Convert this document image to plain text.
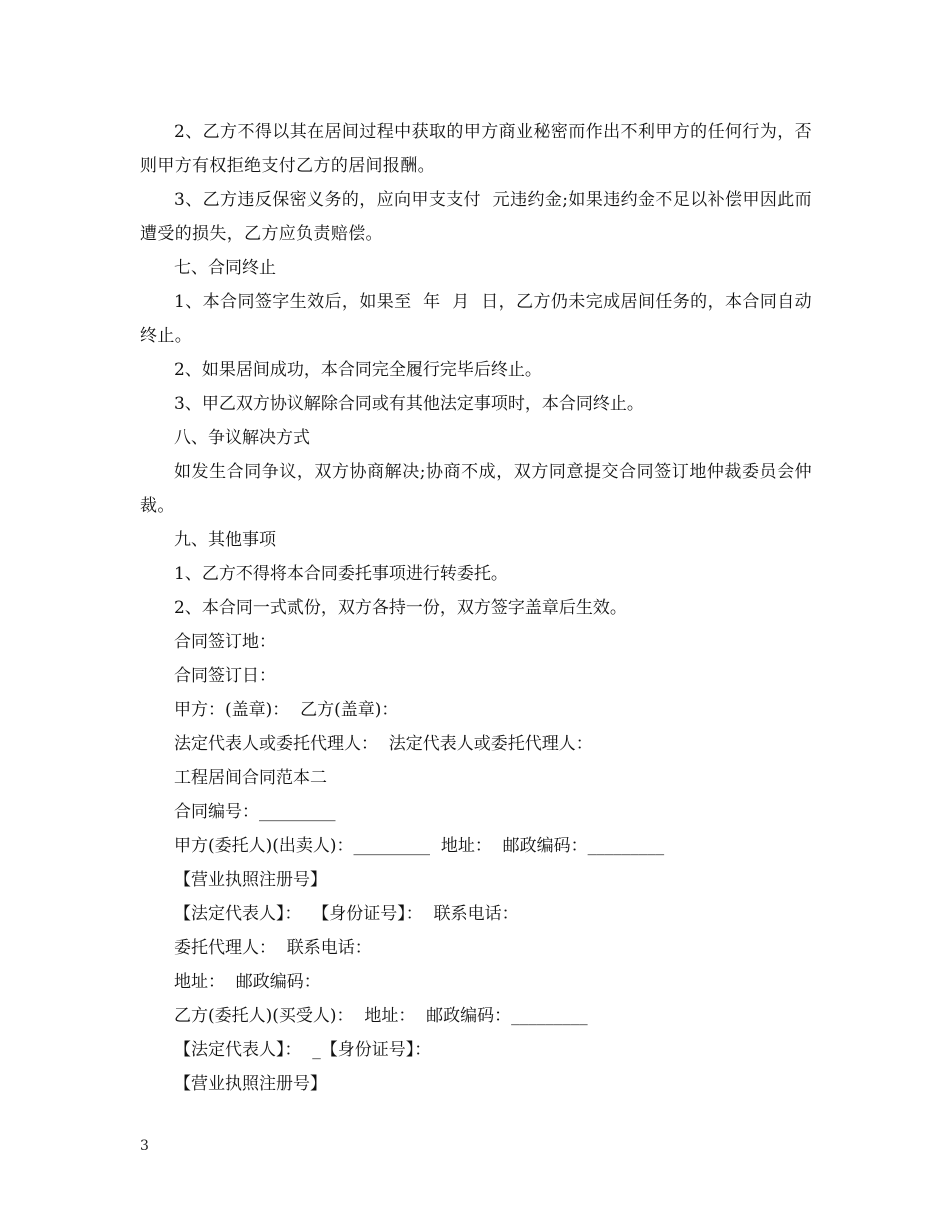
2、乙方不得以其在居间过程中获取的甲方商业秘密而作出不利甲方的任何行为，否则甲方有权拒绝支付乙方的居间报酬。

3、乙方违反保密义务的，应向甲支支付  元违约金;如果违约金不足以补偿甲因此而遭受的损失，乙方应负责赔偿。

七、合同终止

1、本合同签字生效后，如果至  年  月  日，乙方仍未完成居间任务的，本合同自动终止。

2、如果居间成功，本合同完全履行完毕后终止。

3、甲乙双方协议解除合同或有其他法定事项时，本合同终止。

八、争议解决方式

如发生合同争议，双方协商解决;协商不成，双方同意提交合同签订地仲裁委员会仲裁。

九、其他事项

1、乙方不得将本合同委托事项进行转委托。

2、本合同一式贰份，双方各持一份，双方签字盖章后生效。

合同签订地：

合同签订日：

甲方：(盖章)：  乙方(盖章)：

法定代表人或委托代理人：  法定代表人或委托代理人：

工程居间合同范本二

合同编号：_________

甲方(委托人)(出卖人)：_________  地址：  邮政编码：_________

【营业执照注册号】

【法定代表人】：  【身份证号】：  联系电话：

委托代理人：  联系电话：

地址：  邮政编码：

乙方(委托人)(买受人)：  地址：  邮政编码：_________

【法定代表人】：  _【身份证号】：

【营业执照注册号】

3
